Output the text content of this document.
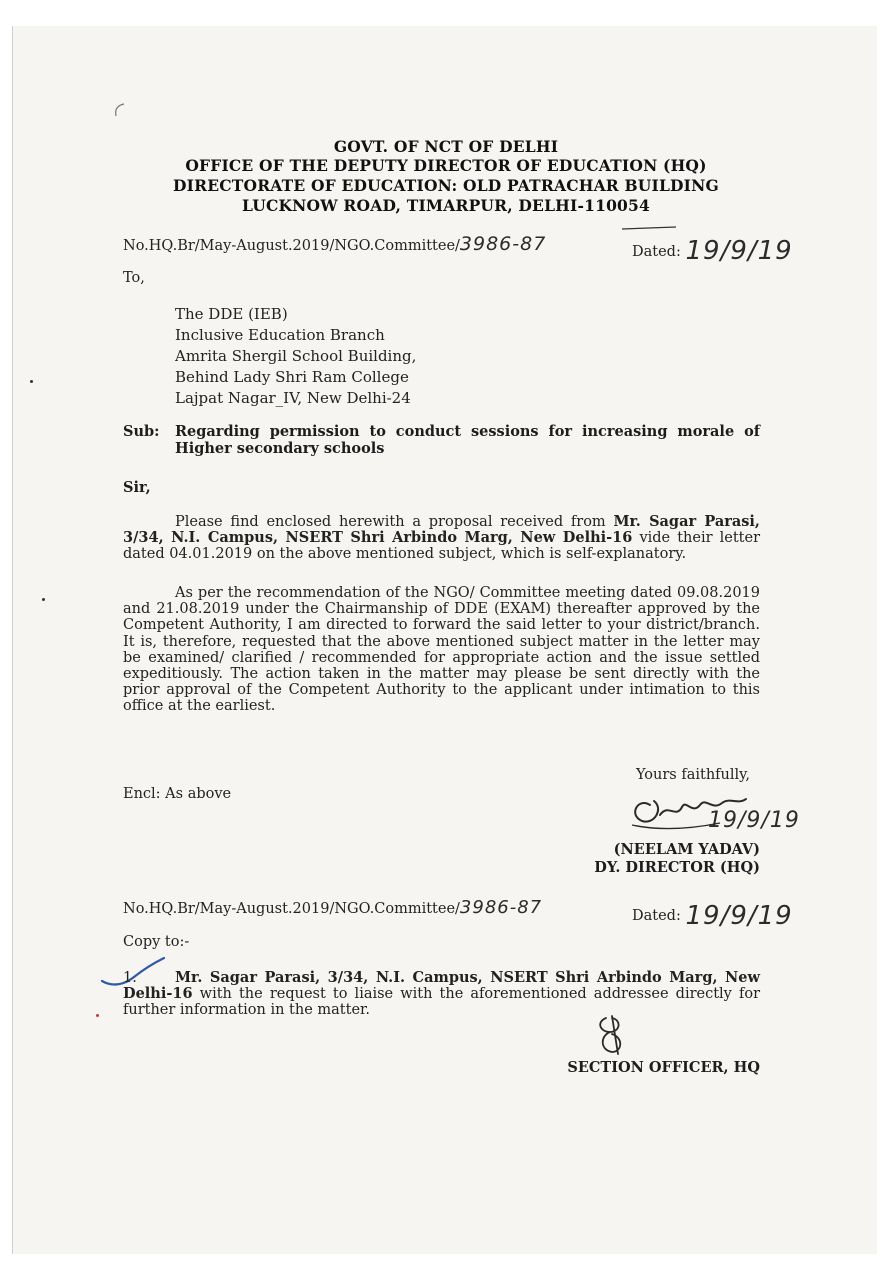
GOVT. OF NCT OF DELHI
OFFICE OF THE DEPUTY DIRECTOR OF EDUCATION (HQ)
DIRECTORATE OF EDUCATION: OLD PATRACHAR BUILDING
LUCKNOW ROAD, TIMARPUR, DELHI-110054
No.HQ.Br/May-August.2019/NGO.Committee/3986-87	Dated: 19/9/19
To,
The DDE (IEB)
Inclusive Education Branch
Amrita Shergil School Building,
Behind Lady Shri Ram College
Lajpat Nagar_IV, New Delhi-24
Sub: Regarding permission to conduct sessions for increasing morale of
Higher secondary schools
Sir,
Please find enclosed herewith a proposal received from Mr. Sagar Parasi, 3/34, N.I. Campus, NSERT Shri Arbindo Marg, New Delhi-16 vide their letter dated 04.01.2019 on the above mentioned subject, which is self-explanatory.
As per the recommendation of the NGO/ Committee meeting dated 09.08.2019 and 21.08.2019 under the Chairmanship of DDE (EXAM) thereafter approved by the Competent Authority, I am directed to forward the said letter to your district/branch. It is, therefore, requested that the above mentioned subject matter in the letter may be examined/ clarified / recommended for appropriate action and the issue settled expeditiously. The action taken in the matter may please be sent directly with the prior approval of the Competent Authority to the applicant under intimation to this office at the earliest.
Yours faithfully,
Encl: As above
19/9/19
(NEELAM YADAV)
DY. DIRECTOR (HQ)
No.HQ.Br/May-August.2019/NGO.Committee/3986-87	Dated: 19/9/19
Copy to:-
1.	Mr. Sagar Parasi, 3/34, N.I. Campus, NSERT Shri Arbindo Marg, New Delhi-16 with the request to liaise with the aforementioned addressee directly for further information in the matter.
SECTION OFFICER, HQ
